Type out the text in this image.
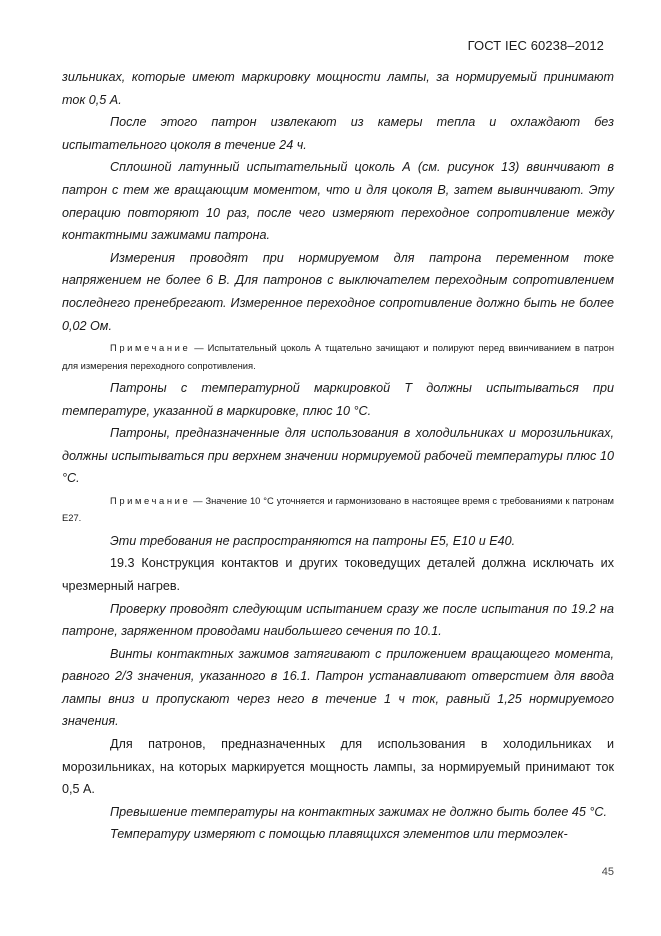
ГОСТ IEC 60238–2012

зильниках, которые имеют маркировку мощности лампы, за нормируемый принимают ток 0,5 А.

После этого патрон извлекают из камеры тепла и охлаждают без испытательного цоколя в течение 24 ч.

Сплошной латунный испытательный цоколь А (см. рисунок 13) ввинчивают в патрон с тем же вращающим моментом, что и для цоколя В, затем вывинчивают. Эту операцию повторяют 10 раз, после чего измеряют переходное сопротивление между контактными зажимами патрона.

Измерения проводят при нормируемом для патрона переменном токе напряжением не более 6 В. Для патронов с выключателем переходным сопротивлением последнего пренебрегают. Измеренное переходное сопротивление должно быть не более 0,02 Ом.

Примечание — Испытательный цоколь А тщательно зачищают и полируют перед ввинчиванием в патрон для измерения переходного сопротивления.

Патроны с температурной маркировкой Т должны испытываться при температуре, указанной в маркировке, плюс 10 °С.

Патроны, предназначенные для использования в холодильниках и морозильниках, должны испытываться при верхнем значении нормируемой рабочей температуры плюс 10 °С.

Примечание — Значение 10 °С уточняется и гармонизовано в настоящее время с требованиями к патронам Е27.

Эти требования не распространяются на патроны Е5, Е10 и Е40.

19.3 Конструкция контактов и других токоведущих деталей должна исключать их чрезмерный нагрев.

Проверку проводят следующим испытанием сразу же после испытания по 19.2 на патроне, заряженном проводами наибольшего сечения по 10.1.

Винты контактных зажимов затягивают с приложением вращающего момента, равного 2/3 значения, указанного в 16.1. Патрон устанавливают отверстием для ввода лампы вниз и пропускают через него в течение 1 ч ток, равный 1,25 нормируемого значения.

Для патронов, предназначенных для использования в холодильниках и морозильниках, на которых маркируется мощность лампы, за нормируемый принимают ток 0,5 А.

Превышение температуры на контактных зажимах не должно быть более 45 °С.

Температуру измеряют с помощью плавящихся элементов или термоэлек-

45
